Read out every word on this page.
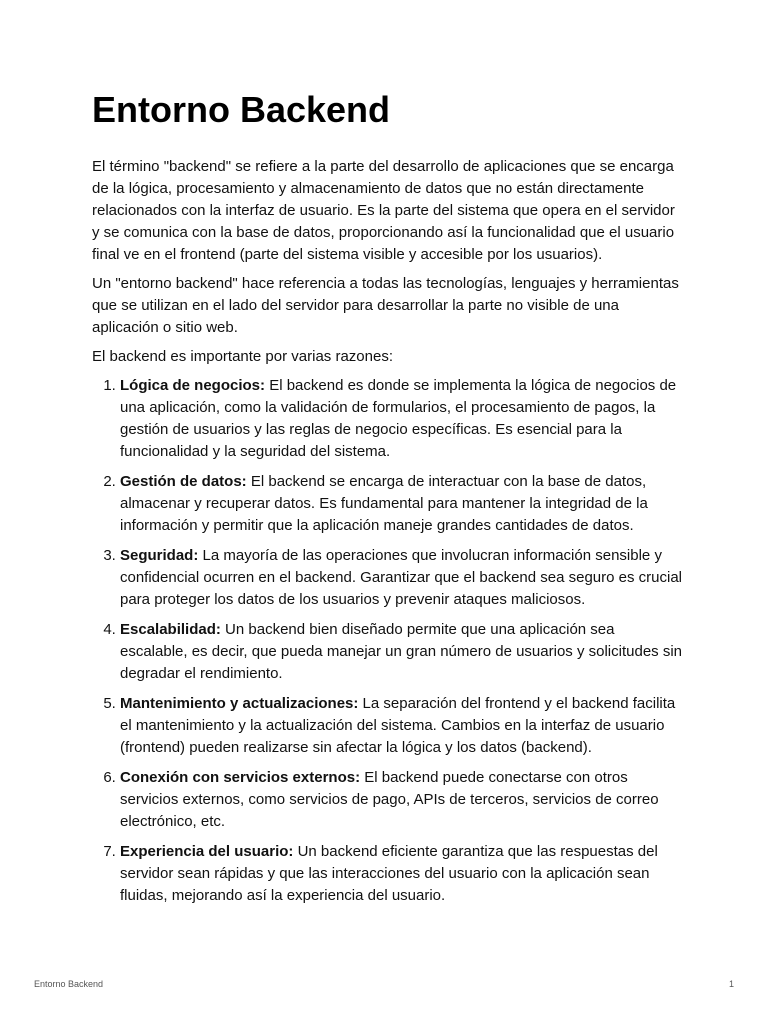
Entorno Backend

El término "backend" se refiere a la parte del desarrollo de aplicaciones que se encarga de la lógica, procesamiento y almacenamiento de datos que no están directamente relacionados con la interfaz de usuario. Es la parte del sistema que opera en el servidor y se comunica con la base de datos, proporcionando así la funcionalidad que el usuario final ve en el frontend (parte del sistema visible y accesible por los usuarios).

Un "entorno backend" hace referencia a todas las tecnologías, lenguajes y herramientas que se utilizan en el lado del servidor para desarrollar la parte no visible de una aplicación o sitio web.

El backend es importante por varias razones:

1. Lógica de negocios: El backend es donde se implementa la lógica de negocios de una aplicación, como la validación de formularios, el procesamiento de pagos, la gestión de usuarios y las reglas de negocio específicas. Es esencial para la funcionalidad y la seguridad del sistema.
2. Gestión de datos: El backend se encarga de interactuar con la base de datos, almacenar y recuperar datos. Es fundamental para mantener la integridad de la información y permitir que la aplicación maneje grandes cantidades de datos.
3. Seguridad: La mayoría de las operaciones que involucran información sensible y confidencial ocurren en el backend. Garantizar que el backend sea seguro es crucial para proteger los datos de los usuarios y prevenir ataques maliciosos.
4. Escalabilidad: Un backend bien diseñado permite que una aplicación sea escalable, es decir, que pueda manejar un gran número de usuarios y solicitudes sin degradar el rendimiento.
5. Mantenimiento y actualizaciones: La separación del frontend y el backend facilita el mantenimiento y la actualización del sistema. Cambios en la interfaz de usuario (frontend) pueden realizarse sin afectar la lógica y los datos (backend).
6. Conexión con servicios externos: El backend puede conectarse con otros servicios externos, como servicios de pago, APIs de terceros, servicios de correo electrónico, etc.
7. Experiencia del usuario: Un backend eficiente garantiza que las respuestas del servidor sean rápidas y que las interacciones del usuario con la aplicación sean fluidas, mejorando así la experiencia del usuario.
Entorno Backend	1
